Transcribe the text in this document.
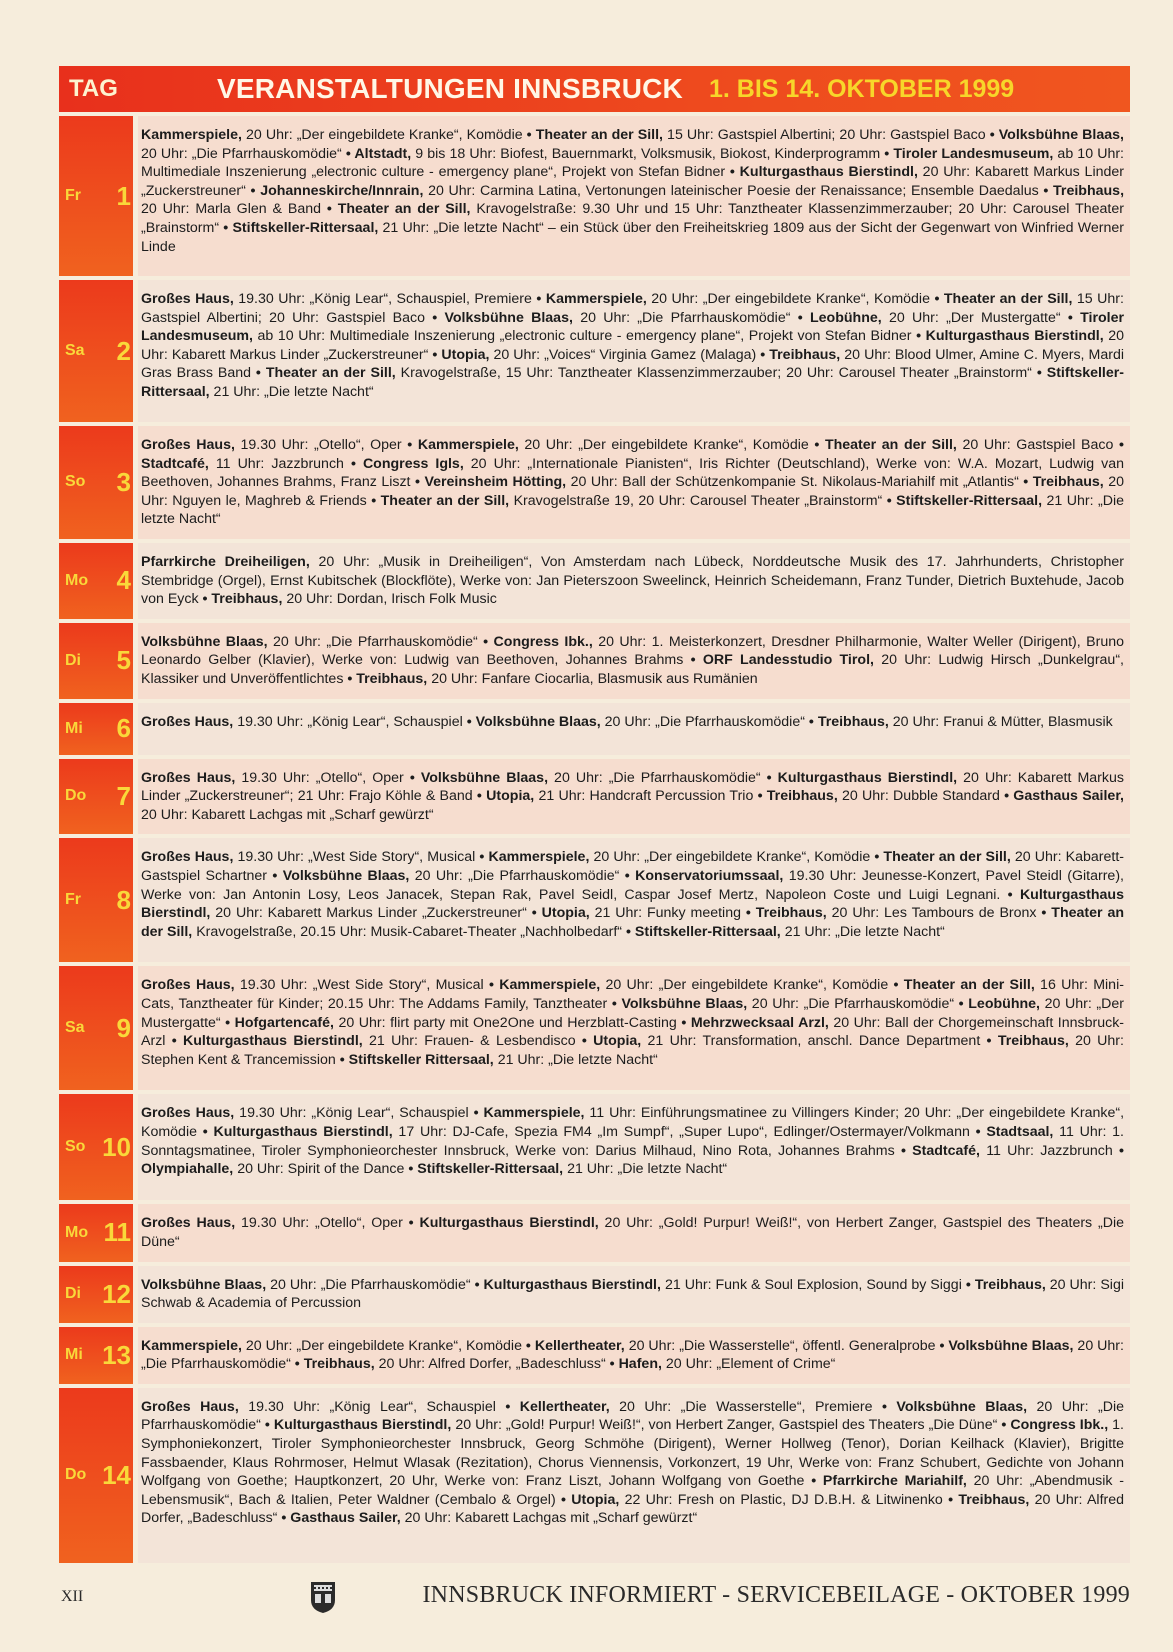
TAG	VERANSTALTUNGEN INNSBRUCK 1. BIS 14. OKTOBER 1999
Fr	1
Kammerspiele, 20 Uhr: „Der eingebildete Kranke“, Komödie • Theater an der Sill, 15 Uhr: Gastspiel Albertini; 20 Uhr: Gastspiel Baco • Volksbühne Blaas, 20 Uhr: „Die Pfarrhauskomödie“ • Altstadt, 9 bis 18 Uhr: Biofest, Bauernmarkt, Volksmusik, Biokost, Kinderprogramm • Tiroler Landesmuseum, ab 10 Uhr: Multimediale Inszenierung „electronic culture - emergency plane“, Projekt von Stefan Bidner • Kulturgasthaus Bierstindl, 20 Uhr: Kabarett Markus Linder „Zuckerstreuner“ • Johanneskirche/Innrain, 20 Uhr: Carmina Latina, Vertonungen lateinischer Poesie der Renaissance; Ensemble Daedalus • Treibhaus, 20 Uhr: Marla Glen & Band • Theater an der Sill, Kravogelstraße: 9.30 Uhr und 15 Uhr: Tanztheater Klassenzimmerzauber; 20 Uhr: Carousel Theater „Brainstorm“ • Stiftskeller-Rittersaal, 21 Uhr: „Die letzte Nacht“ – ein Stück über den Freiheitskrieg 1809 aus der Sicht der Gegenwart von Winfried Werner Linde
Sa	2
Großes Haus, 19.30 Uhr: „König Lear“, Schauspiel, Premiere • Kammerspiele, 20 Uhr: „Der eingebildete Kranke“, Komödie • Theater an der Sill, 15 Uhr: Gastspiel Albertini; 20 Uhr: Gastspiel Baco • Volksbühne Blaas, 20 Uhr: „Die Pfarrhauskomödie“ • Leobühne, 20 Uhr: „Der Mustergatte“ • Tiroler Landesmuseum, ab 10 Uhr: Multimediale Inszenierung „electronic culture - emergency plane“, Projekt von Stefan Bidner • Kulturgasthaus Bierstindl, 20 Uhr: Kabarett Markus Linder „Zuckerstreuner“ • Utopia, 20 Uhr: „Voices“ Virginia Gamez (Malaga) • Treibhaus, 20 Uhr: Blood Ulmer, Amine C. Myers, Mardi Gras Brass Band • Theater an der Sill, Kravogelstraße, 15 Uhr: Tanztheater Klassenzimmerzauber; 20 Uhr: Carousel Theater „Brainstorm“ • Stiftskeller-Rittersaal, 21 Uhr: „Die letzte Nacht“
So	3
Großes Haus, 19.30 Uhr: „Otello“, Oper • Kammerspiele, 20 Uhr: „Der eingebildete Kranke“, Komödie • Theater an der Sill, 20 Uhr: Gastspiel Baco • Stadtcafé, 11 Uhr: Jazzbrunch • Congress Igls, 20 Uhr: „Internationale Pianisten“, Iris Richter (Deutschland), Werke von: W.A. Mozart, Ludwig van Beethoven, Johannes Brahms, Franz Liszt • Vereinsheim Hötting, 20 Uhr: Ball der Schützenkompanie St. Nikolaus-Mariahilf mit „Atlantis“ • Treibhaus, 20 Uhr: Nguyen le, Maghreb & Friends • Theater an der Sill, Kravogelstraße 19, 20 Uhr: Carousel Theater „Brainstorm“ • Stiftskeller-Rittersaal, 21 Uhr: „Die letzte Nacht“
Mo	4
Pfarrkirche Dreiheiligen, 20 Uhr: „Musik in Dreiheiligen“, Von Amsterdam nach Lübeck, Norddeutsche Musik des 17. Jahrhunderts, Christopher Stembridge (Orgel), Ernst Kubitschek (Blockflöte), Werke von: Jan Pieterszoon Sweelinck, Heinrich Scheidemann, Franz Tunder, Dietrich Buxtehude, Jacob von Eyck • Treibhaus, 20 Uhr: Dordan, Irisch Folk Music
Di	5
Volksbühne Blaas, 20 Uhr: „Die Pfarrhauskomödie“ • Congress Ibk., 20 Uhr: 1. Meisterkonzert, Dresdner Philharmonie, Walter Weller (Dirigent), Bruno Leonardo Gelber (Klavier), Werke von: Ludwig van Beethoven, Johannes Brahms • ORF Landesstudio Tirol, 20 Uhr: Ludwig Hirsch „Dunkelgrau“, Klassiker und Unveröffentlichtes • Treibhaus, 20 Uhr: Fanfare Ciocarlia, Blasmusik aus Rumänien
Mi	6 Großes Haus, 19.30 Uhr: „König Lear“, Schauspiel • Volksbühne Blaas, 20 Uhr: „Die Pfarrhauskomödie“ • Treibhaus, 20 Uhr: Franui & Mütter, Blasmusik
Do	7
Großes Haus, 19.30 Uhr: „Otello“, Oper • Volksbühne Blaas, 20 Uhr: „Die Pfarrhauskomödie“ • Kulturgasthaus Bierstindl, 20 Uhr: Kabarett Markus Linder „Zuckerstreuner“; 21 Uhr: Frajo Köhle & Band • Utopia, 21 Uhr: Handcraft Percussion Trio • Treibhaus, 20 Uhr: Dubble Standard • Gasthaus Sailer, 20 Uhr: Kabarett Lachgas mit „Scharf gewürzt“
Fr	8
Großes Haus, 19.30 Uhr: „West Side Story“, Musical • Kammerspiele, 20 Uhr: „Der eingebildete Kranke“, Komödie • Theater an der Sill, 20 Uhr: Kabarett-Gastspiel Schartner • Volksbühne Blaas, 20 Uhr: „Die Pfarrhauskomödie“ • Konservatoriumssaal, 19.30 Uhr: Jeunesse-Konzert, Pavel Steidl (Gitarre), Werke von: Jan Antonin Losy, Leos Janacek, Stepan Rak, Pavel Seidl, Caspar Josef Mertz, Napoleon Coste und Luigi Legnani. • Kulturgasthaus Bierstindl, 20 Uhr: Kabarett Markus Linder „Zuckerstreuner“ • Utopia, 21 Uhr: Funky meeting • Treibhaus, 20 Uhr: Les Tambours de Bronx • Theater an der Sill, Kravogelstraße, 20.15 Uhr: Musik-Cabaret-Theater „Nachholbedarf“ • Stiftskeller-Rittersaal, 21 Uhr: „Die letzte Nacht“
Sa	9
Großes Haus, 19.30 Uhr: „West Side Story“, Musical • Kammerspiele, 20 Uhr: „Der eingebildete Kranke“, Komödie • Theater an der Sill, 16 Uhr: Mini-Cats, Tanztheater für Kinder; 20.15 Uhr: The Addams Family, Tanztheater • Volksbühne Blaas, 20 Uhr: „Die Pfarrhauskomödie“ • Leobühne, 20 Uhr: „Der Mustergatte“ • Hofgartencafé, 20 Uhr: flirt party mit One2One und Herzblatt-Casting • Mehrzwecksaal Arzl, 20 Uhr: Ball der Chorgemeinschaft Innsbruck-Arzl • Kulturgasthaus Bierstindl, 21 Uhr: Frauen- & Lesbendisco • Utopia, 21 Uhr: Transformation, anschl. Dance Department • Treibhaus, 20 Uhr: Stephen Kent & Trancemission • Stiftskeller Rittersaal, 21 Uhr: „Die letzte Nacht“
So 10
Großes Haus, 19.30 Uhr: „König Lear“, Schauspiel • Kammerspiele, 11 Uhr: Einführungsmatinee zu Villingers Kinder; 20 Uhr: „Der eingebildete Kranke“, Komödie • Kulturgasthaus Bierstindl, 17 Uhr: DJ-Cafe, Spezia FM4 „Im Sumpf“, „Super Lupo“, Edlinger/Ostermayer/Volkmann • Stadtsaal, 11 Uhr: 1. Sonntagsmatinee, Tiroler Symphonieorchester Innsbruck, Werke von: Darius Milhaud, Nino Rota, Johannes Brahms • Stadtcafé, 11 Uhr: Jazzbrunch • Olympiahalle, 20 Uhr: Spirit of the Dance • Stiftskeller-Rittersaal, 21 Uhr: „Die letzte Nacht“
Mo 11 Großes Haus, 19.30 Uhr: „Otello“, Oper • Kulturgasthaus Bierstindl, 20 Uhr: „Gold! Purpur! Weiß!“, von Herbert Zanger, Gastspiel des Theaters „Die Düne“
Di 12 Volksbühne Blaas, 20 Uhr: „Die Pfarrhauskomödie“ • Kulturgasthaus Bierstindl, 21 Uhr: Funk & Soul Explosion, Sound by Siggi • Treibhaus, 20 Uhr: Sigi Schwab & Academia of Percussion
Mi 13 Kammerspiele, 20 Uhr: „Der eingebildete Kranke“, Komödie • Kellertheater, 20 Uhr: „Die Wasserstelle“, öffentl. Generalprobe • Volksbühne Blaas, 20 Uhr: „Die Pfarrhauskomödie“ • Treibhaus, 20 Uhr: Alfred Dorfer, „Badeschluss“ • Hafen, 20 Uhr: „Element of Crime“
Do 14
Großes Haus, 19.30 Uhr: „König Lear“, Schauspiel • Kellertheater, 20 Uhr: „Die Wasserstelle“, Premiere • Volksbühne Blaas, 20 Uhr: „Die Pfarrhauskomödie“ • Kulturgasthaus Bierstindl, 20 Uhr: „Gold! Purpur! Weiß!“, von Herbert Zanger, Gastspiel des Theaters „Die Düne“ • Congress Ibk., 1. Symphoniekonzert, Tiroler Symphonieorchester Innsbruck, Georg Schmöhe (Dirigent), Werner Hollweg (Tenor), Dorian Keilhack (Klavier), Brigitte Fassbaender, Klaus Rohrmoser, Helmut Wlasak (Rezitation), Chorus Viennensis, Vorkonzert, 19 Uhr, Werke von: Franz Schubert, Gedichte von Johann Wolfgang von Goethe; Hauptkonzert, 20 Uhr, Werke von: Franz Liszt, Johann Wolfgang von Goethe • Pfarrkirche Mariahilf, 20 Uhr: „Abendmusik - Lebensmusik“, Bach & Italien, Peter Waldner (Cembalo & Orgel) • Utopia, 22 Uhr: Fresh on Plastic, DJ D.B.H. & Litwinenko • Treibhaus, 20 Uhr: Alfred Dorfer, „Badeschluss“ • Gasthaus Sailer, 20 Uhr: Kabarett Lachgas mit „Scharf gewürzt“
XII	INNSBRUCK INFORMIERT - SERVICEBEILAGE - OKTOBER 1999
